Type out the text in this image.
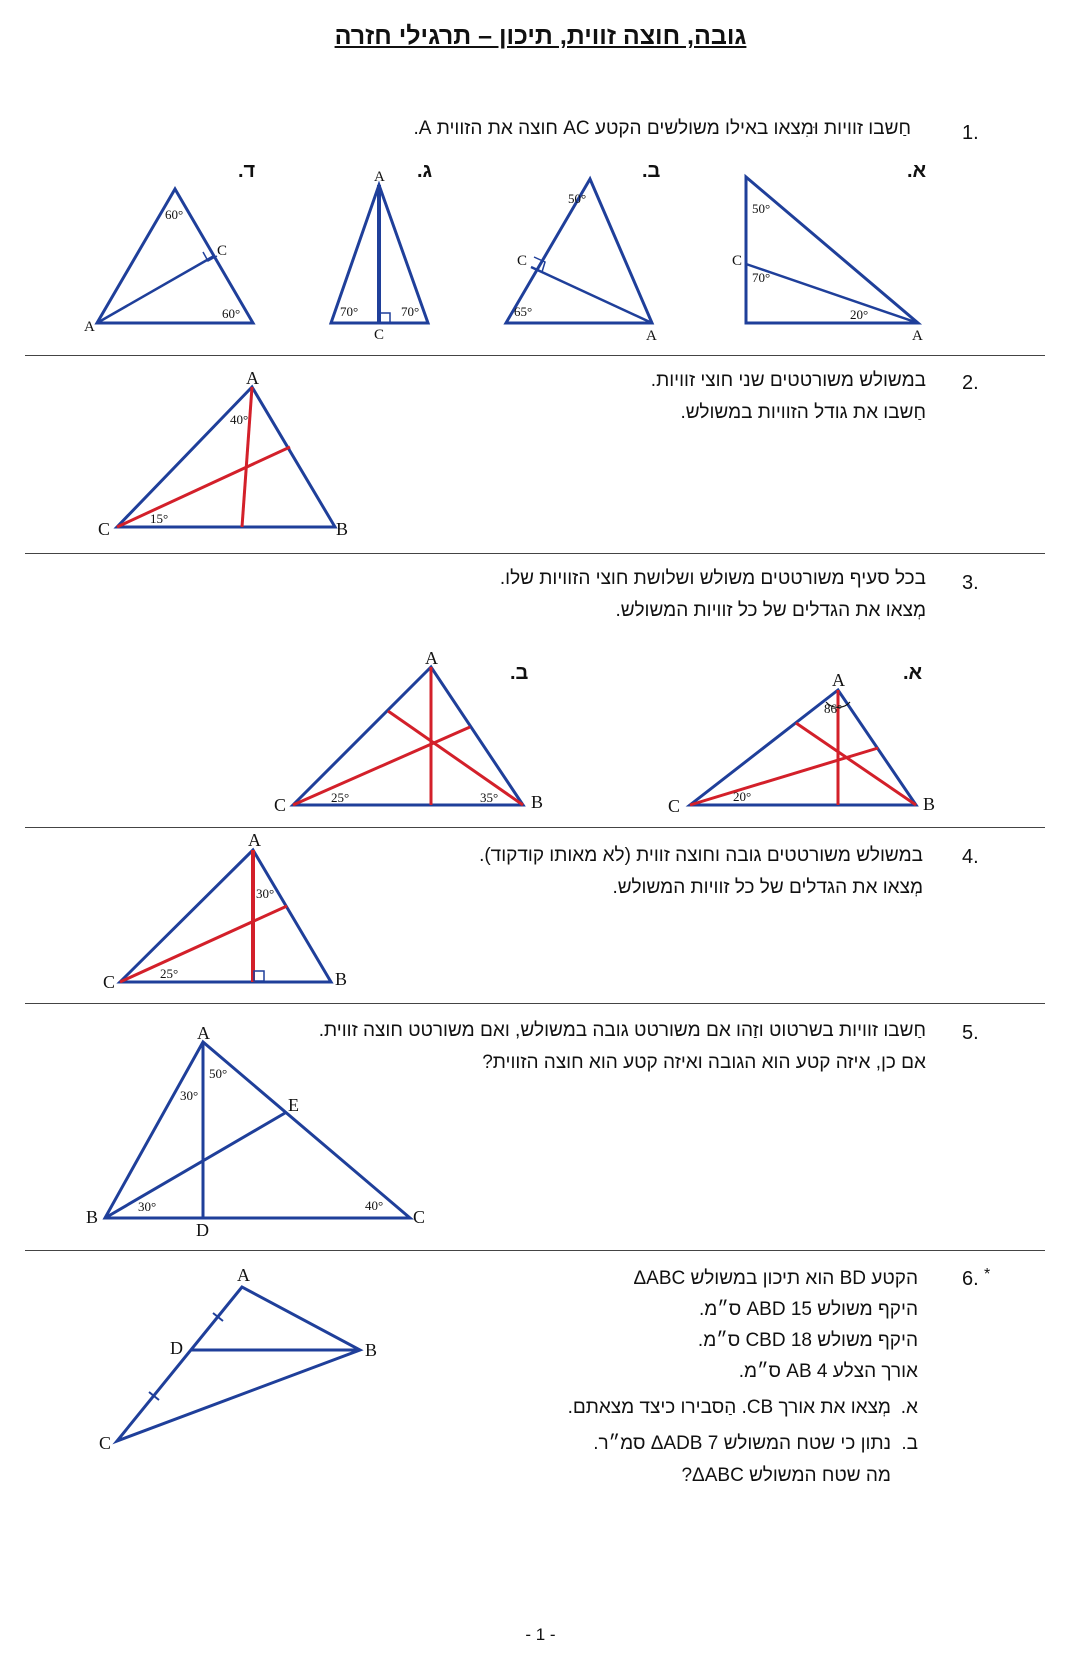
גובה, חוצה זווית, תיכון – תרגילי חזרה
1.
חַשבו זוויות וּמִצאו באילו משולשים הקטע AC חוצה את הזווית A.
א.
ב.
ג.
ד.
50°
70°
20°
A
C
50°
65°
C
A
70°	70°
A
C
60°
60°
A
C
2.
במשולש משורטטים שני חוצי זוויות.
חַשבו את גודל הזוויות במשולש.
40°
15°
A
B
C
3.
בכל סעיף משורטטים משולש ושלושת חוצי הזוויות שלו.
מְצאו את הגדלים של כל זוויות המשולש.
א.
ב.
86°
20°
A
B
C
25°	35°
A
B
C
4.
במשולש משורטטים גובה וחוצה זווית (לא מאותו קודקוד).
מְצאו את הגדלים של כל זוויות המשולש.
30°
25°
A
B
C
5.
חַשבו זוויות בשרטוט וזַהו אם משורטט גובה במשולש, ואם משורטט חוצה זווית.
אם כן, איזה קטע הוא הגובה ואיזה קטע הוא חוצה הזווית?
50°
30°
30°	40°
A
E
B
D
C
*
6.
הקטע BD הוא תיכון במשולש ΔABC
היקף משולש ABD 15 ס״מ.
היקף משולש CBD 18 ס״מ.
אורך הצלע AB 4 ס״מ.
א.
מְצאו את אורך CB. הַסבירו כיצד מצאתם.
ב.
נתון כי שטח המשולש ΔADB 7 סמ״ר.
מה שטח המשולש ΔABC?
A
D	B
C
- 1 -
